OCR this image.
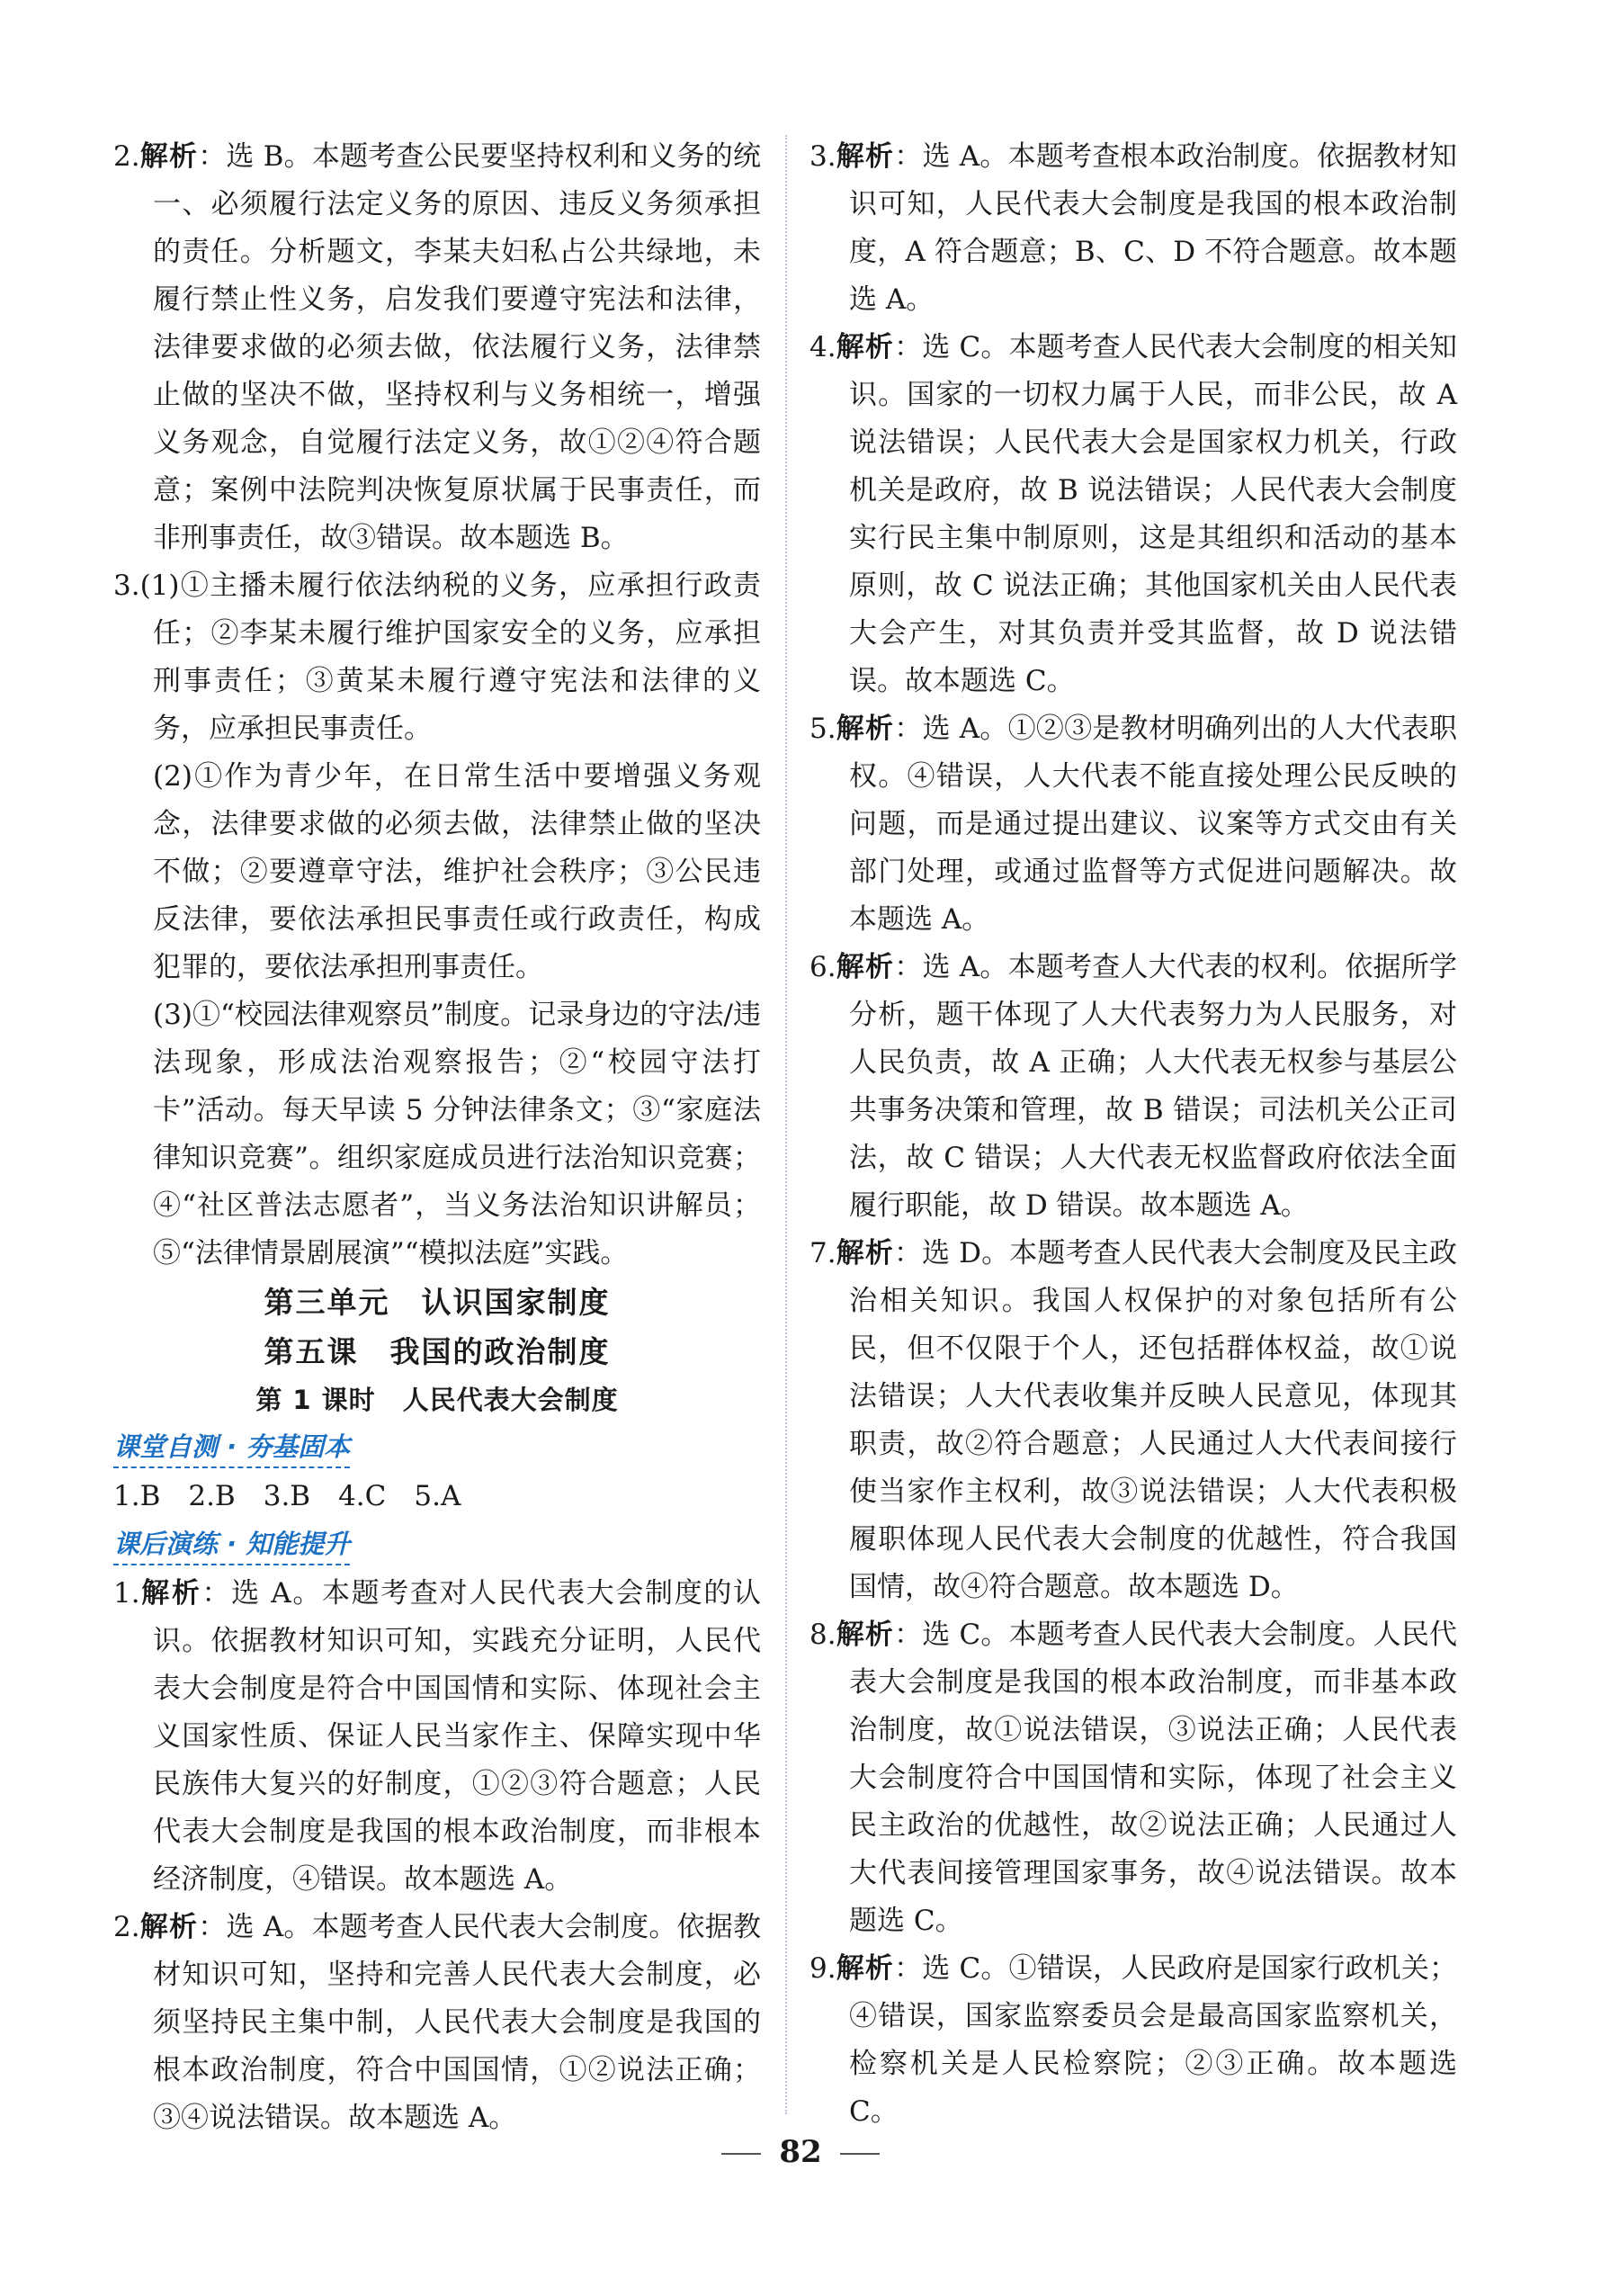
2.解析：选 B。本题考查公民要坚持权利和义务的统一、必须履行法定义务的原因、违反义务须承担的责任。分析题文，李某夫妇私占公共绿地，未履行禁止性义务，启发我们要遵守宪法和法律，法律要求做的必须去做，依法履行义务，法律禁止做的坚决不做，坚持权利与义务相统一，增强义务观念，自觉履行法定义务，故①②④符合题意；案例中法院判决恢复原状属于民事责任，而非刑事责任，故③错误。故本题选 B。
3.(1)①主播未履行依法纳税的义务，应承担行政责任；②李某未履行维护国家安全的义务，应承担刑事责任；③黄某未履行遵守宪法和法律的义务，应承担民事责任。
(2)①作为青少年，在日常生活中要增强义务观念，法律要求做的必须去做，法律禁止做的坚决不做；②要遵章守法，维护社会秩序；③公民违反法律，要依法承担民事责任或行政责任，构成犯罪的，要依法承担刑事责任。
(3)①“校园法律观察员”制度。记录身边的守法/违法现象，形成法治观察报告；②“校园守法打卡”活动。每天早读 5 分钟法律条文；③“家庭法律知识竞赛”。组织家庭成员进行法治知识竞赛；④“社区普法志愿者”，当义务法治知识讲解员；⑤“法律情景剧展演”“模拟法庭”实践。
第三单元　认识国家制度
第五课　我国的政治制度
第 1 课时　人民代表大会制度
课堂自测 · 夯基固本
1.B　2.B　3.B　4.C　5.A
课后演练 · 知能提升
1.解析：选 A。本题考查对人民代表大会制度的认识。依据教材知识可知，实践充分证明，人民代表大会制度是符合中国国情和实际、体现社会主义国家性质、保证人民当家作主、保障实现中华民族伟大复兴的好制度，①②③符合题意；人民代表大会制度是我国的根本政治制度，而非根本经济制度，④错误。故本题选 A。
2.解析：选 A。本题考查人民代表大会制度。依据教材知识可知，坚持和完善人民代表大会制度，必须坚持民主集中制，人民代表大会制度是我国的根本政治制度，符合中国国情，①②说法正确；③④说法错误。故本题选 A。
3.解析：选 A。本题考查根本政治制度。依据教材知识可知，人民代表大会制度是我国的根本政治制度，A 符合题意；B、C、D 不符合题意。故本题选 A。
4.解析：选 C。本题考查人民代表大会制度的相关知识。国家的一切权力属于人民，而非公民，故 A 说法错误；人民代表大会是国家权力机关，行政机关是政府，故 B 说法错误；人民代表大会制度实行民主集中制原则，这是其组织和活动的基本原则，故 C 说法正确；其他国家机关由人民代表大会产生，对其负责并受其监督，故 D 说法错误。故本题选 C。
5.解析：选 A。①②③是教材明确列出的人大代表职权。④错误，人大代表不能直接处理公民反映的问题，而是通过提出建议、议案等方式交由有关部门处理，或通过监督等方式促进问题解决。故本题选 A。
6.解析：选 A。本题考查人大代表的权利。依据所学分析，题干体现了人大代表努力为人民服务，对人民负责，故 A 正确；人大代表无权参与基层公共事务决策和管理，故 B 错误；司法机关公正司法，故 C 错误；人大代表无权监督政府依法全面履行职能，故 D 错误。故本题选 A。
7.解析：选 D。本题考查人民代表大会制度及民主政治相关知识。我国人权保护的对象包括所有公民，但不仅限于个人，还包括群体权益，故①说法错误；人大代表收集并反映人民意见，体现其职责，故②符合题意；人民通过人大代表间接行使当家作主权利，故③说法错误；人大代表积极履职体现人民代表大会制度的优越性，符合我国国情，故④符合题意。故本题选 D。
8.解析：选 C。本题考查人民代表大会制度。人民代表大会制度是我国的根本政治制度，而非基本政治制度，故①说法错误，③说法正确；人民代表大会制度符合中国国情和实际，体现了社会主义民主政治的优越性，故②说法正确；人民通过人大代表间接管理国家事务，故④说法错误。故本题选 C。
9.解析：选 C。①错误，人民政府是国家行政机关；④错误，国家监察委员会是最高国家监察机关，检察机关是人民检察院；②③正确。故本题选 C。
82
